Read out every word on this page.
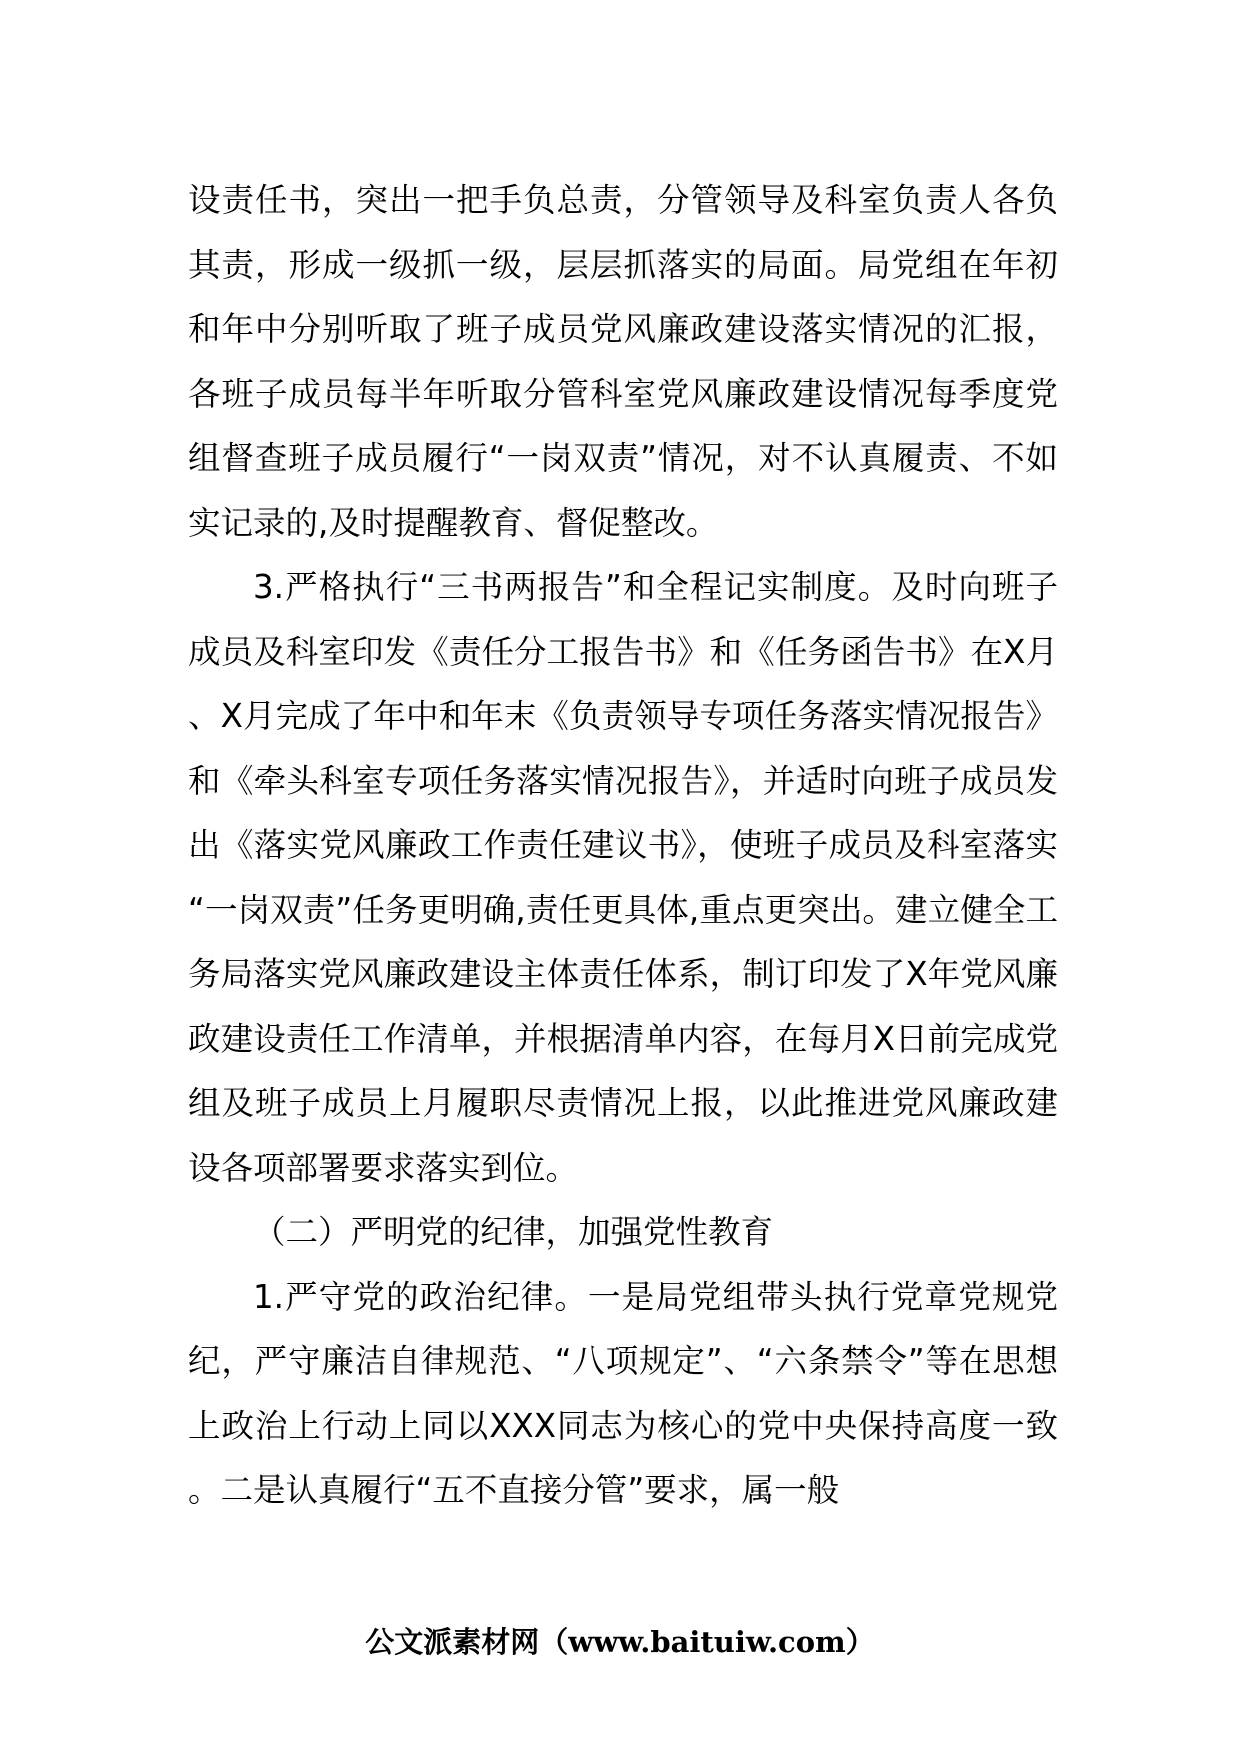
设责任书，突出一把手负总责，分管领导及科室负责人各负其责，形成一级抓一级，层层抓落实的局面。局党组在年初和年中分别听取了班子成员党风廉政建设落实情况的汇报，各班子成员每半年听取分管科室党风廉政建设情况每季度党组督查班子成员履行“一岗双责”情况，对不认真履责、不如实记录的,及时提醒教育、督促整改。

3.严格执行“三书两报告”和全程记实制度。及时向班子成员及科室印发《责任分工报告书》和《任务函告书》在X月、X月完成了年中和年末《负责领导专项任务落实情况报告》和《牵头科室专项任务落实情况报告》，并适时向班子成员发出《落实党风廉政工作责任建议书》，使班子成员及科室落实“一岗双责”任务更明确,责任更具体,重点更突出。建立健全工务局落实党风廉政建设主体责任体系，制订印发了X年党风廉政建设责任工作清单，并根据清单内容，在每月X日前完成党组及班子成员上月履职尽责情况上报，以此推进党风廉政建设各项部署要求落实到位。

（二）严明党的纪律，加强党性教育

1.严守党的政治纪律。一是局党组带头执行党章党规党纪，严守廉洁自律规范、“八项规定”、“六条禁令”等在思想上政治上行动上同以XXX同志为核心的党中央保持高度一致。二是认真履行“五不直接分管”要求，属一般

公文派素材网（www.baituiw.com）
